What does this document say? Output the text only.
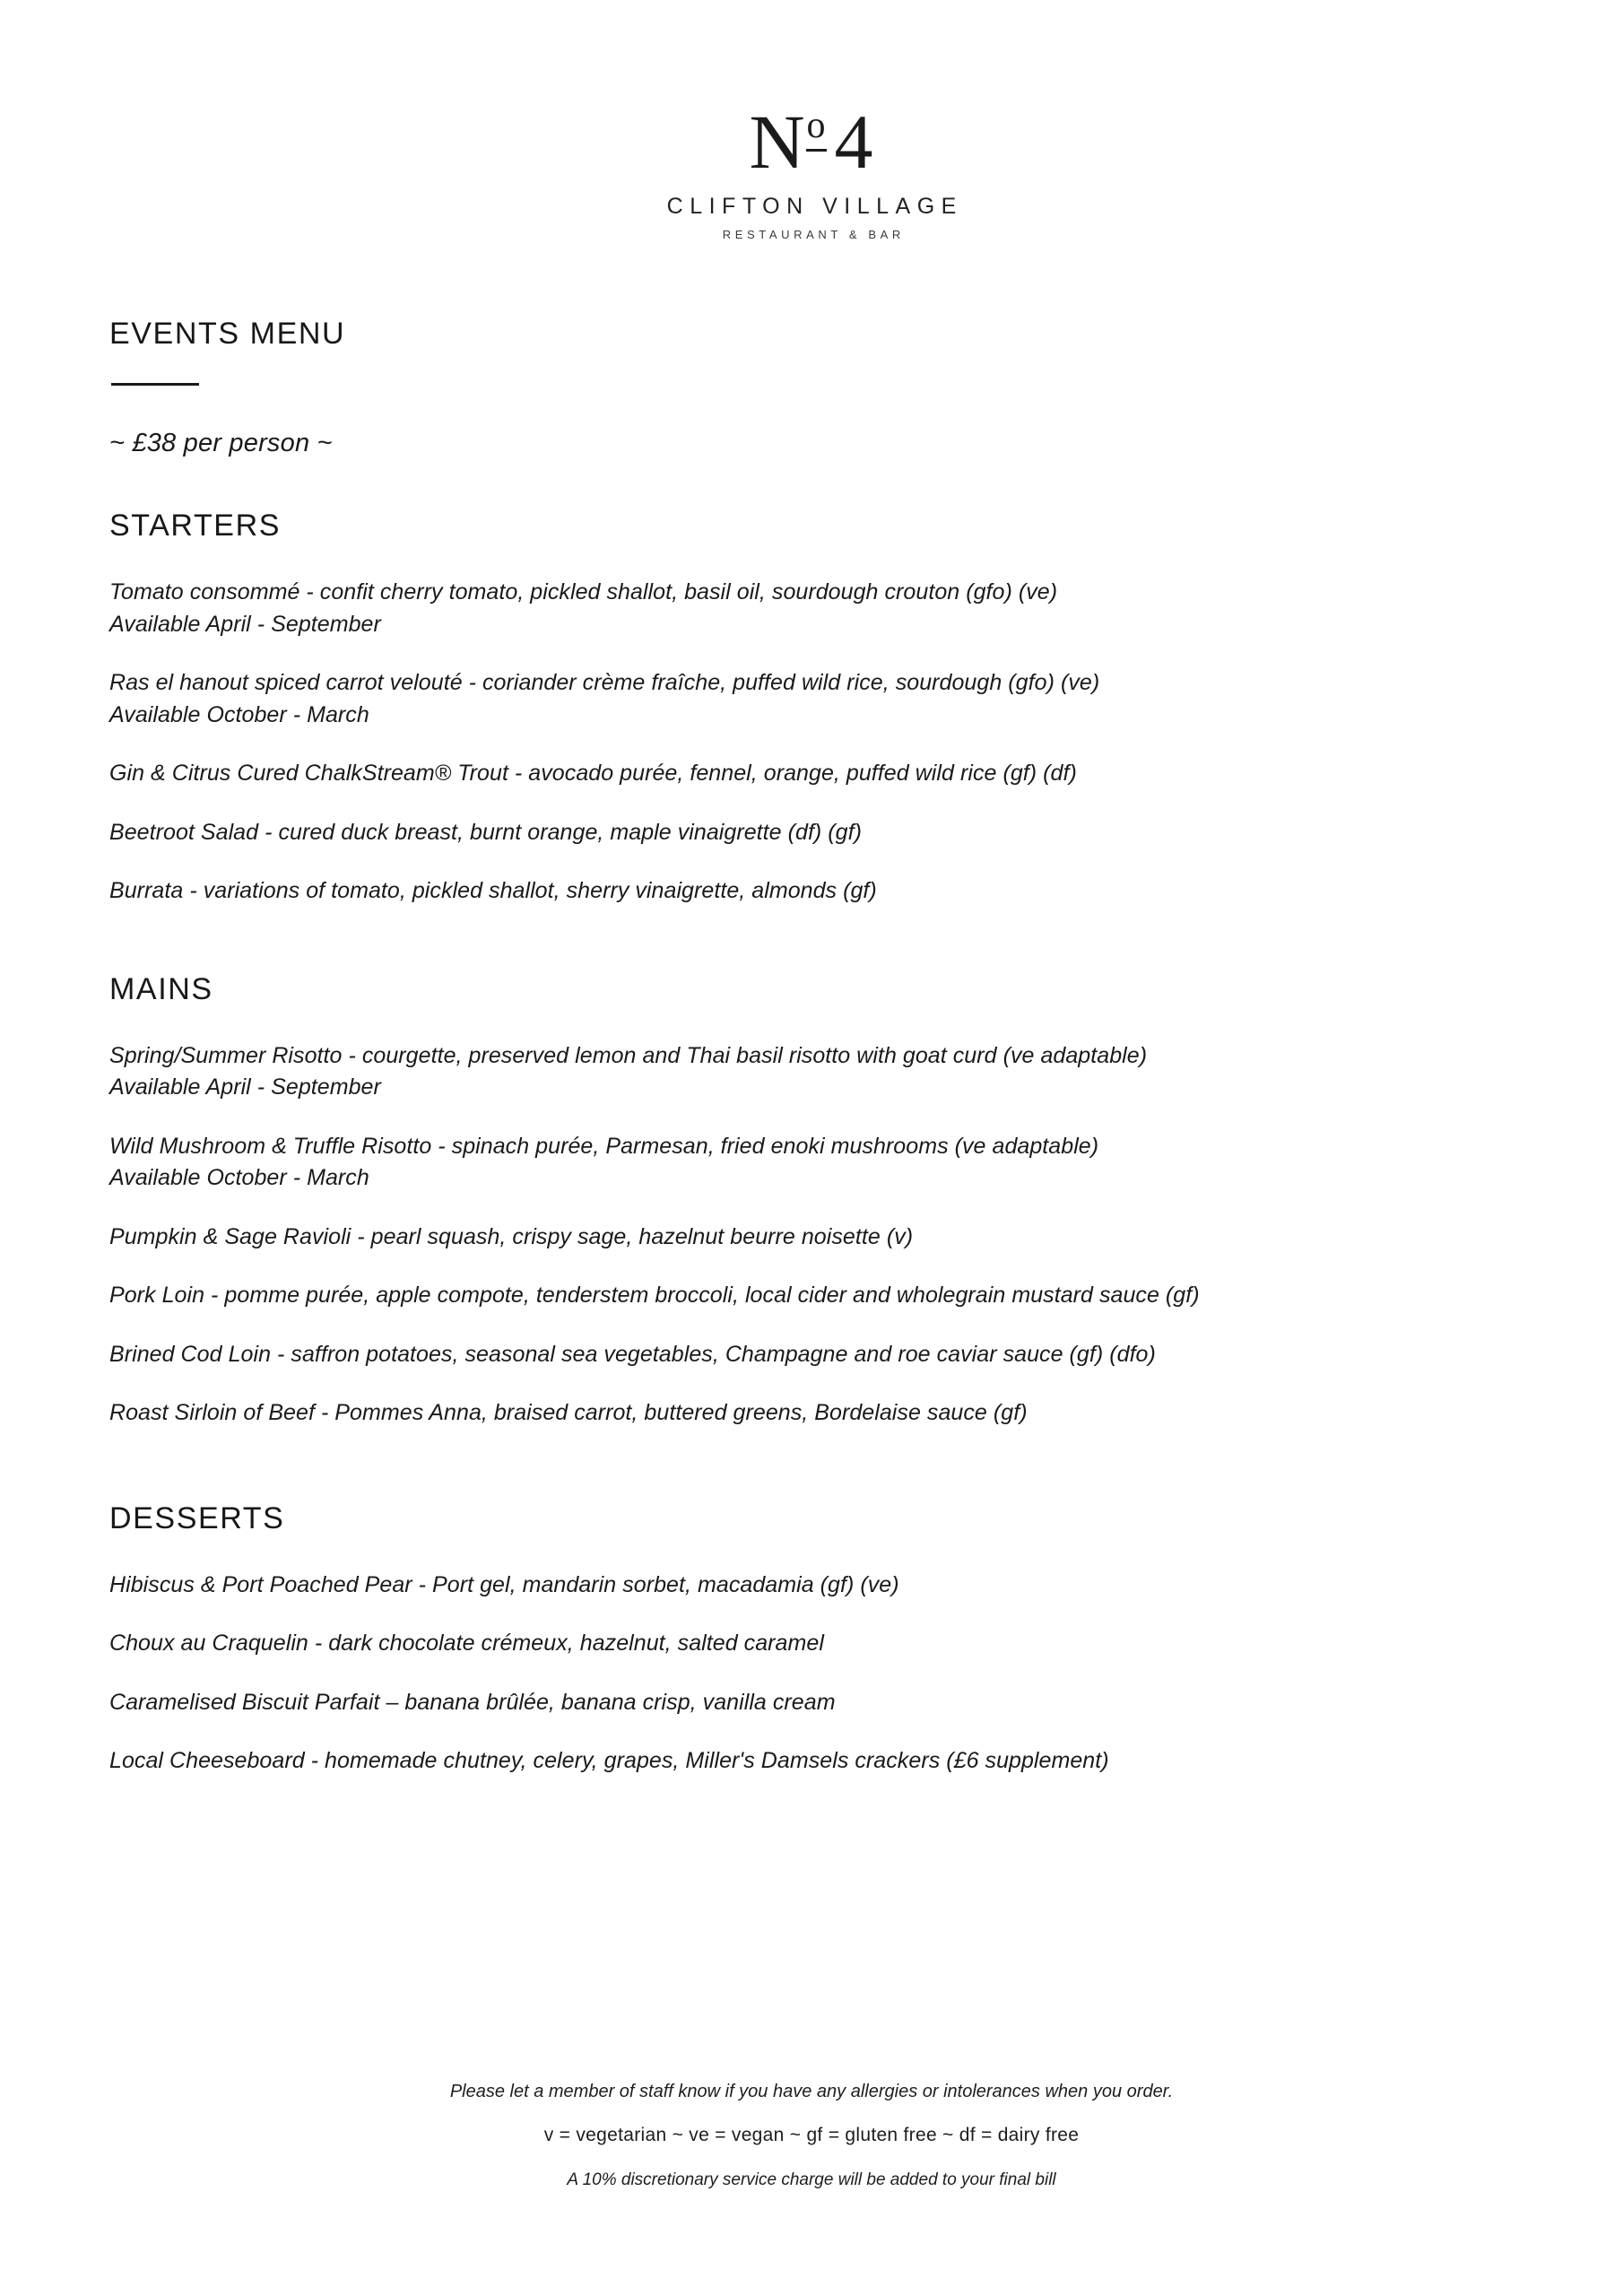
$N^o$ 4
CLIFTON VILLAGE
RESTAURANT & BAR
EVENTS MENU
~ £38 per person ~
STARTERS

Tomato consommé - confit cherry tomato, pickled shallot, basil oil, sourdough crouton (gfo) (ve)

Available April - September

Ras el hanout spiced carrot velouté - coriander crème fraîche, puffed wild rice, sourdough (gfo) (ve)

Available October - March

Gin & Citrus Cured ChalkStream® Trout - avocado purée, fennel, orange, puffed wild rice (gf) (df)

Beetroot Salad - cured duck breast, burnt orange, maple vinaigrette (df) (gf)

Burrata - variations of tomato, pickled shallot, sherry vinaigrette, almonds (gf)

MAINS

Spring/Summer Risotto - courgette, preserved lemon and Thai basil risotto with goat curd (ve adaptable)

Available April - September

Wild Mushroom & Truffle Risotto - spinach purée, Parmesan, fried enoki mushrooms (ve adaptable)

Available October - March

Pumpkin & Sage Ravioli - pearl squash, crispy sage, hazelnut beurre noisette (v)

Pork Loin - pomme purée, apple compote, tenderstem broccoli, local cider and wholegrain mustard sauce (gf)

Brined Cod Loin - saffron potatoes, seasonal sea vegetables, Champagne and roe caviar sauce (gf) (dfo)

Roast Sirloin of Beef - Pommes Anna, braised carrot, buttered greens, Bordelaise sauce (gf)

DESSERTS

Hibiscus & Port Poached Pear - Port gel, mandarin sorbet, macadamia (gf) (ve)

Choux au Craquelin - dark chocolate crémeux, hazelnut, salted caramel

Caramelised Biscuit Parfait – banana brûlée, banana crisp, vanilla cream

Local Cheeseboard - homemade chutney, celery, grapes, Miller's Damsels crackers (£6 supplement)

Please let a member of staff know if you have any allergies or intolerances when you order.

v = vegetarian ~ ve = vegan ~ gf = gluten free ~ df = dairy free

A 10% discretionary service charge will be added to your final bill
